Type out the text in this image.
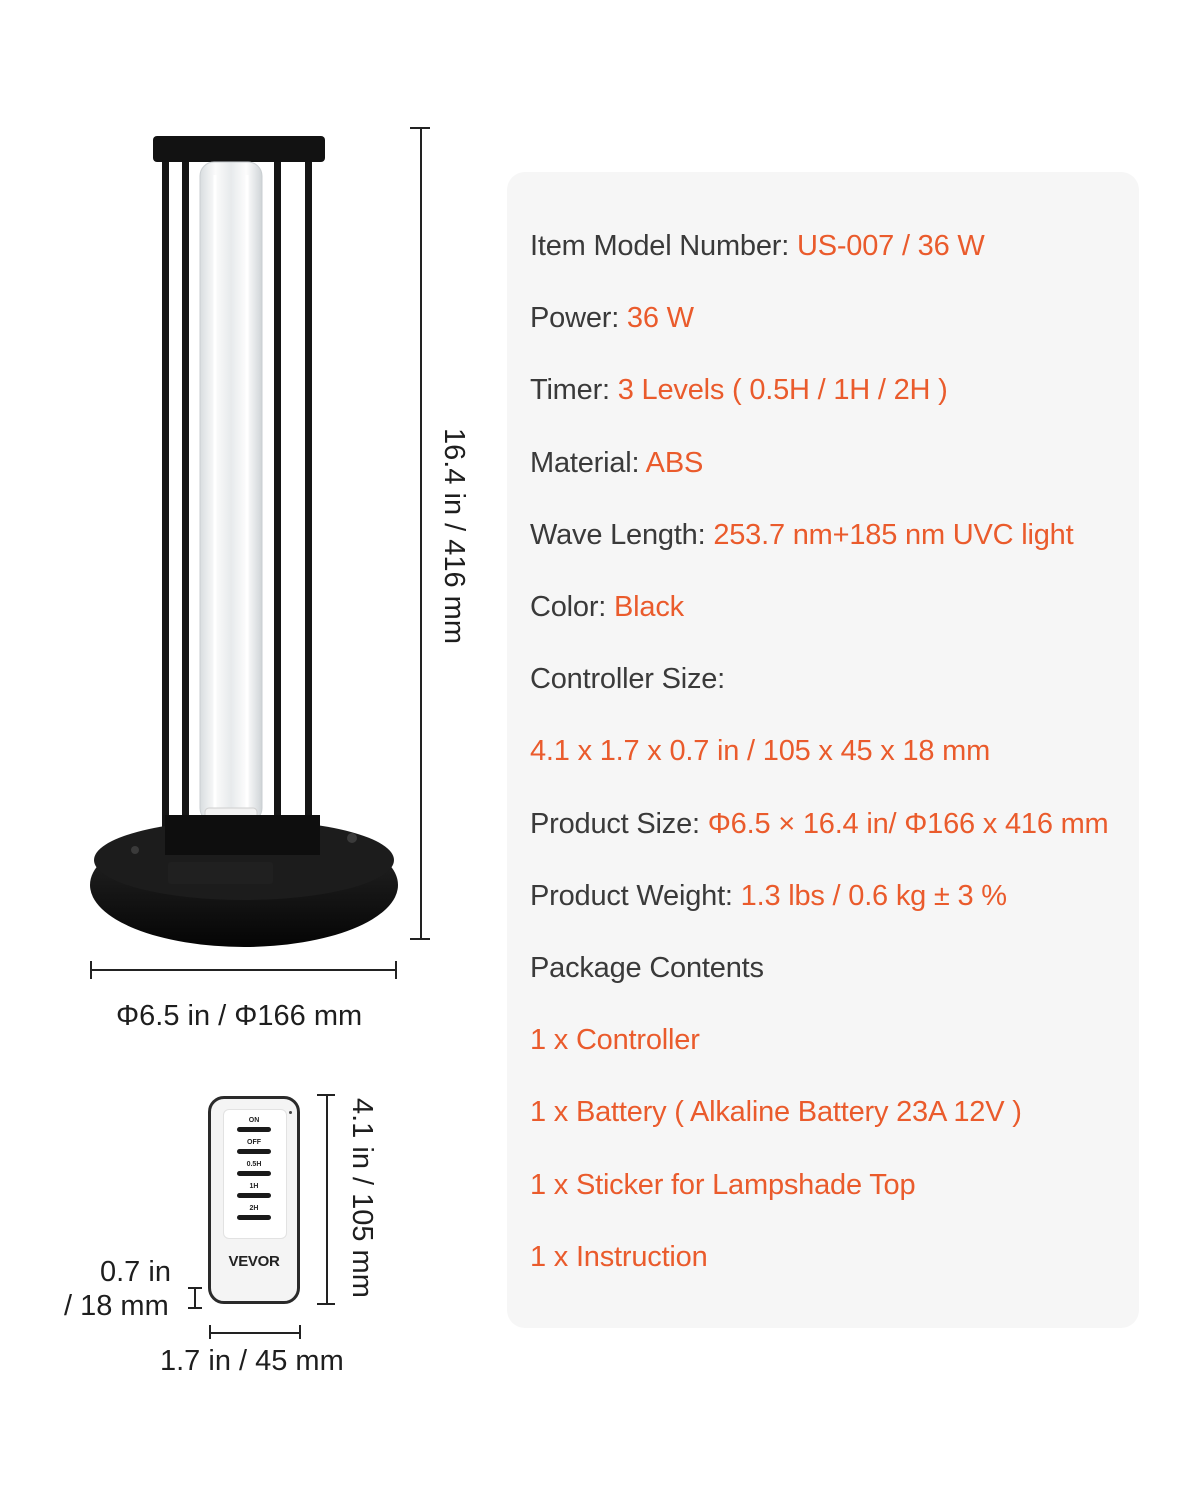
16.4 in / 416 mm
Φ6.5 in / Φ166 mm
ON
OFF
0.5H
1H
2H
VEVOR	4.1 in / 105 mm
1.7 in / 45 mm
0.7 in
/ 18 mm
Item Model Number: US-007 / 36 W
Power: 36 W
Timer: 3 Levels ( 0.5H / 1H / 2H )
Material: ABS
Wave Length: 253.7 nm+185 nm UVC light
Color: Black
Controller Size:
4.1 x 1.7 x 0.7 in / 105 x 45 x 18 mm
Product Size: Φ6.5 × 16.4 in/ Φ166 x 416 mm
Product Weight: 1.3 lbs / 0.6 kg ± 3 %
Package Contents
1 x Controller
1 x Battery ( Alkaline Battery 23A 12V )
1 x Sticker for Lampshade Top
1 x Instruction
